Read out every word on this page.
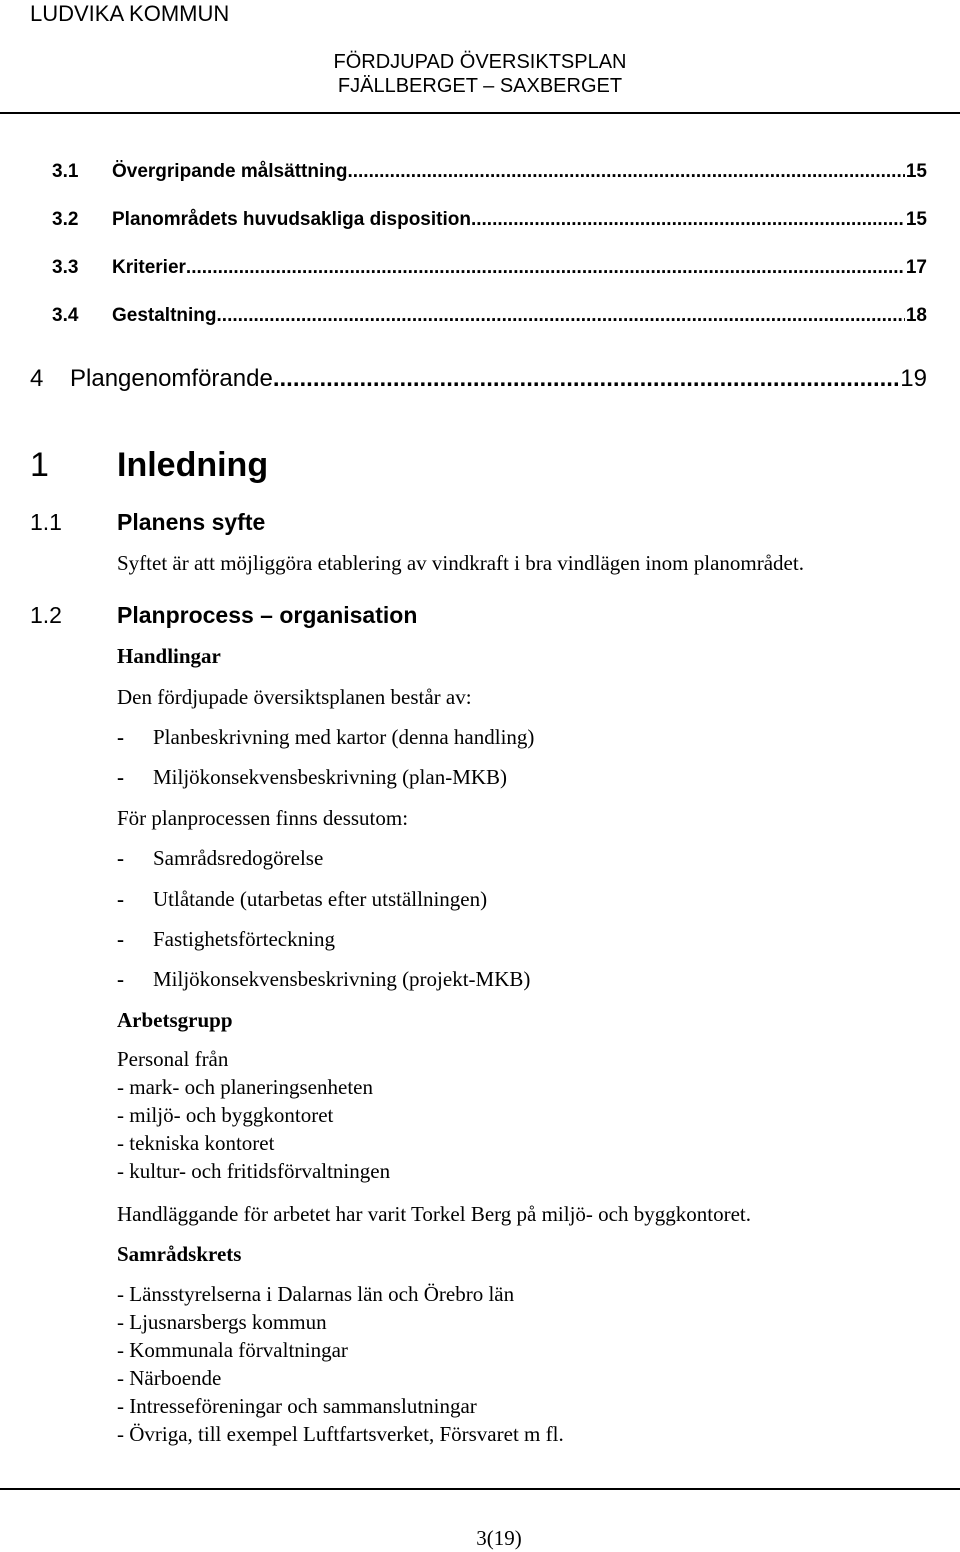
LUDVIKA KOMMUN
FÖRDJUPAD ÖVERSIKTSPLAN
FJÄLLBERGET – SAXBERGET
3.1	Övergripande målsättning .....	15
3.2	Planområdets huvudsakliga disposition .....	15
3.3	Kriterier .....	17
3.4	Gestaltning .....	18
4	Plangenomförande .....	19
1	Inledning
1.1	Planens syfte
Syftet är att möjliggöra etablering av vindkraft i bra vindlägen inom planområdet.
1.2	Planprocess – organisation
Handlingar
Den fördjupade översiktsplanen består av:
-	Planbeskrivning med kartor (denna handling)
-	Miljökonsekvensbeskrivning (plan-MKB)
För planprocessen finns dessutom:
-	Samrådsredogörelse
-	Utlåtande (utarbetas efter utställningen)
-	Fastighetsförteckning
-	Miljökonsekvensbeskrivning (projekt-MKB)
Arbetsgrupp
Personal från
- mark- och planeringsenheten
- miljö- och byggkontoret
- tekniska kontoret
- kultur- och fritidsförvaltningen
Handläggande för arbetet har varit Torkel Berg på miljö- och byggkontoret.
Samrådskrets
- Länsstyrelserna i Dalarnas län och Örebro län
- Ljusnarsbergs kommun
- Kommunala förvaltningar
- Närboende
- Intresseföreningar och sammanslutningar
- Övriga, till exempel Luftfartsverket, Försvaret m fl.
3(19)
